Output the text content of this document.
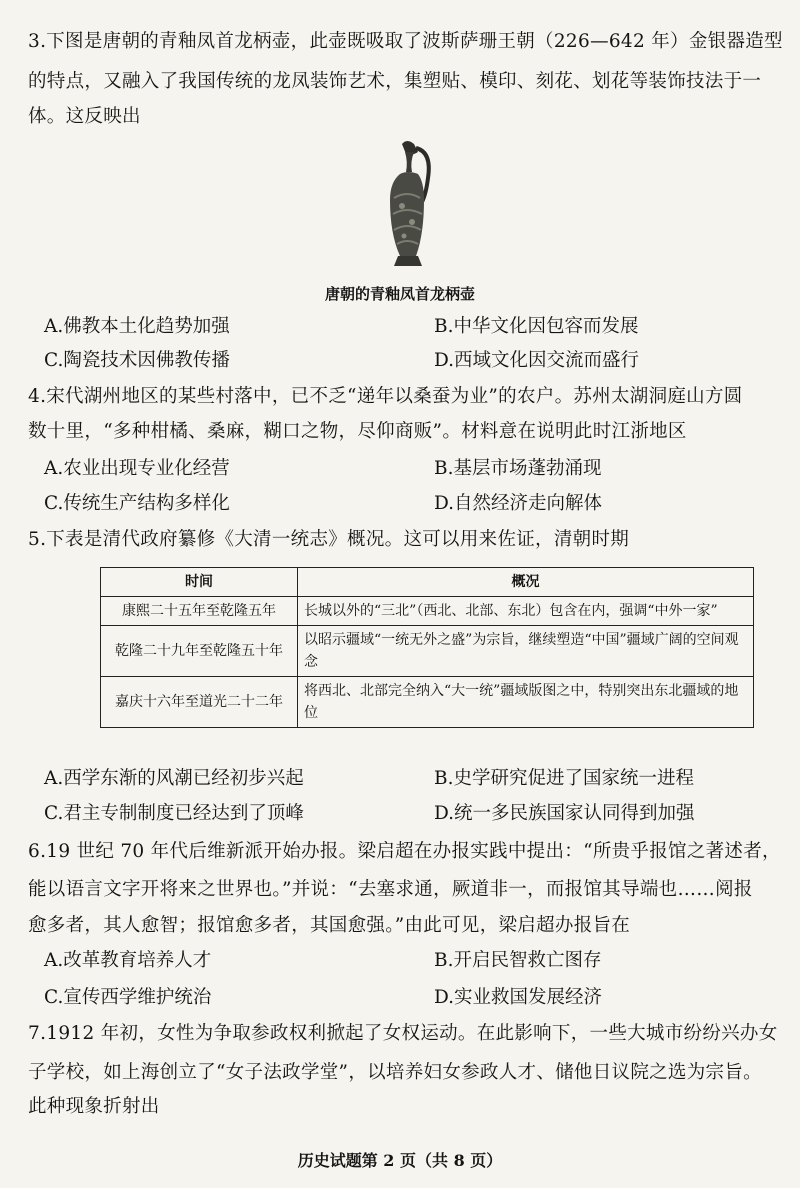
3.下图是唐朝的青釉凤首龙柄壶，此壶既吸取了波斯萨珊王朝（226—642 年）金银器造型
的特点，又融入了我国传统的龙凤装饰艺术，集塑贴、模印、刻花、划花等装饰技法于一
体。这反映出
唐朝的青釉凤首龙柄壶
A.佛教本土化趋势加强	B.中华文化因包容而发展
C.陶瓷技术因佛教传播	D.西域文化因交流而盛行
4.宋代湖州地区的某些村落中，已不乏“递年以桑蚕为业”的农户。苏州太湖洞庭山方圆
数十里，“多种柑橘、桑麻，糊口之物，尽仰商贩”。材料意在说明此时江浙地区
A.农业出现专业化经营	B.基层市场蓬勃涌现
C.传统生产结构多样化	D.自然经济走向解体
5.下表是清代政府纂修《大清一统志》概况。这可以用来佐证，清朝时期
时间	概况
康熙二十五年至乾隆五年	长城以外的“三北”（西北、北部、东北）包含在内，强调“中外一家”
乾隆二十九年至乾隆五十年	以昭示疆域“一统无外之盛”为宗旨，继续塑造“中国”疆域广阔的空间观念
嘉庆十六年至道光二十二年	将西北、北部完全纳入“大一统”疆域版图之中，特别突出东北疆域的地位
A.西学东渐的风潮已经初步兴起	B.史学研究促进了国家统一进程
C.君主专制制度已经达到了顶峰	D.统一多民族国家认同得到加强
6.19 世纪 70 年代后维新派开始办报。梁启超在办报实践中提出：“所贵乎报馆之著述者，
能以语言文字开将来之世界也。”并说：“去塞求通，厥道非一，而报馆其导端也……阅报
愈多者，其人愈智；报馆愈多者，其国愈强。”由此可见，梁启超办报旨在
A.改革教育培养人才	B.开启民智救亡图存
C.宣传西学维护统治	D.实业救国发展经济
7.1912 年初，女性为争取参政权利掀起了女权运动。在此影响下，一些大城市纷纷兴办女
子学校，如上海创立了“女子法政学堂”，以培养妇女参政人才、储他日议院之选为宗旨。
此种现象折射出
历史试题第 2 页（共 8 页）
